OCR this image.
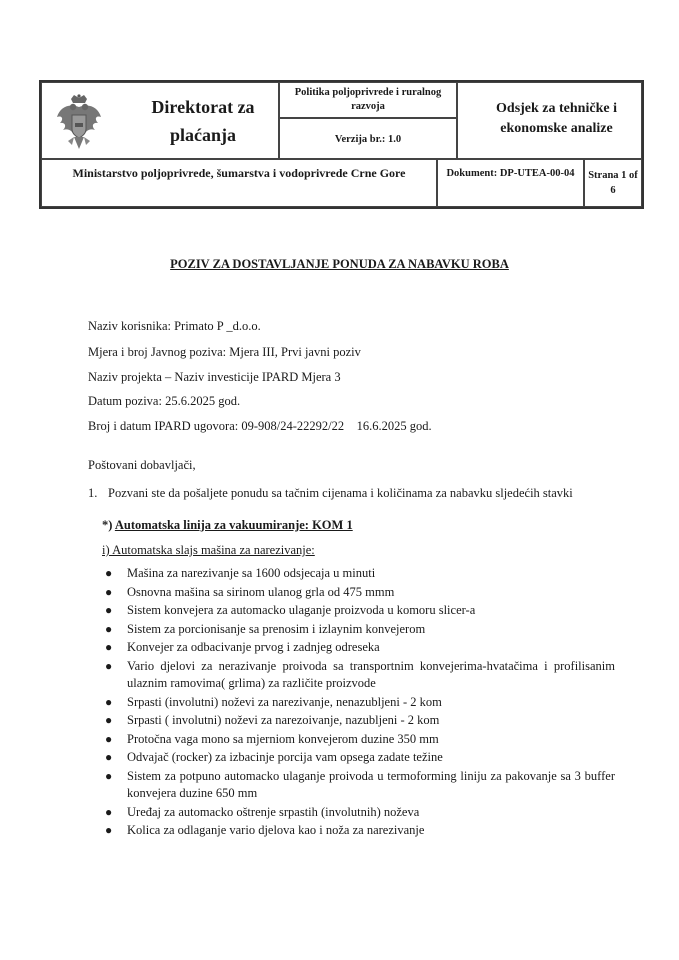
Direktorat za plaćanja
Politika poljoprivrede i ruralnog razvoja
Verzija br.: 1.0
Odsjek za tehničke i ekonomske analize
Ministarstvo poljoprivrede, šumarstva i vodoprivrede Crne Gore	Dokument: DP-UTEA-00-04	Strana 1 of 6
POZIV ZA DOSTAVLJANJE PONUDA ZA NABAVKU ROBA
Naziv korisnika: Primato P _d.o.o.
Mjera i broj Javnog poziva: Mjera III, Prvi javni poziv
Naziv projekta – Naziv investicije IPARD Mjera 3
Datum poziva: 25.6.2025 god.
Broj i datum IPARD ugovora: 09-908/24-22292/22    16.6.2025 god.
Poštovani dobavljači,
1. Pozvani ste da pošaljete ponudu sa tačnim cijenama i količinama za nabavku sljedećih stavki
*) Automatska linija za vakuumiranje: KOM 1
i) Automatska slajs mašina za narezivanje:
● Mašina za narezivanje sa 1600 odsjecaja u minuti
● Osnovna mašina sa sirinom ulanog grla od 475 mmm
● Sistem konvejera za automacko ulaganje proizvoda u komoru slicer-a
● Sistem za porcionisanje sa prenosim i izlaynim konvejerom
● Konvejer za odbacivanje prvog i zadnjeg odreseka
● Vario djelovi za nerazivanje proivoda sa transportnim konvejerima-hvatačima i profilisanim ulaznim ramovima( grlima) za različite proizvode
● Srpasti (involutni) noževi za narezivanje, nenazubljeni - 2 kom
● Srpasti ( involutni) noževi za narezoivanje, nazubljeni - 2 kom
● Protočna vaga mono sa mjerniom konvejerom duzine 350 mm
● Odvajač (rocker) za izbacinje porcija vam opsega zadate težine
● Sistem za potpuno automacko ulaganje proivoda u termoforming liniju za pakovanje sa 3 buffer konvejera duzine 650 mm
● Uređaj za automacko oštrenje srpastih (involutnih) noževa
● Kolica za odlaganje vario djelova kao i noža za narezivanje
